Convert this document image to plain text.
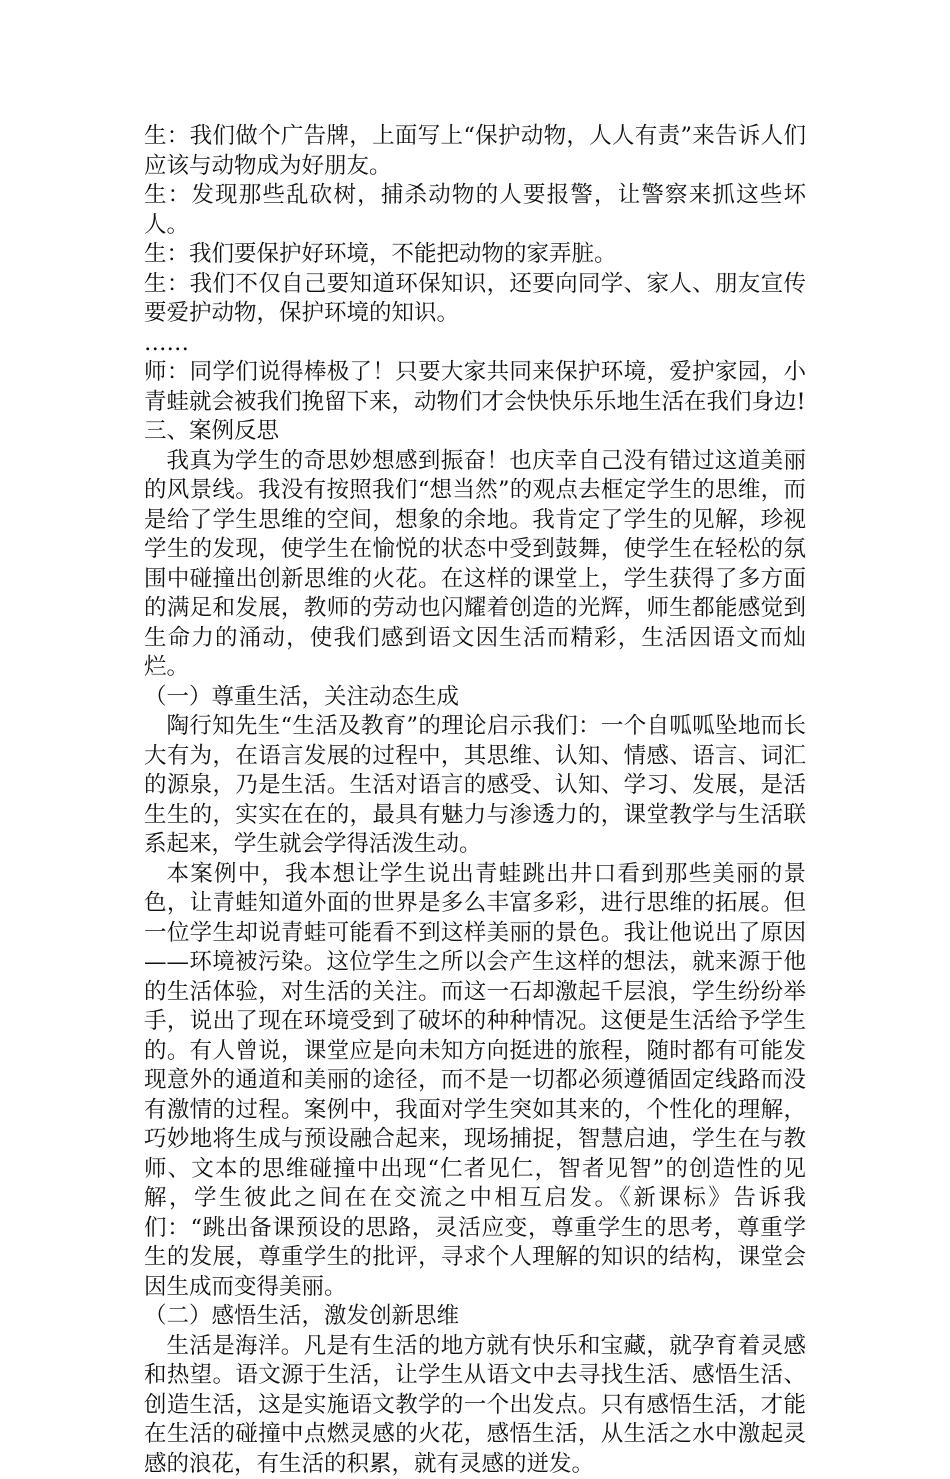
生：我们做个广告牌，上面写上“保护动物，人人有责”来告诉人们应该与动物成为好朋友。

生：发现那些乱砍树，捕杀动物的人要报警，让警察来抓这些坏人。

生：我们要保护好环境，不能把动物的家弄脏。

生：我们不仅自己要知道环保知识，还要向同学、家人、朋友宣传要爱护动物，保护环境的知识。

……

师：同学们说得棒极了！只要大家共同来保护环境，爱护家园，小青蛙就会被我们挽留下来，动物们才会快快乐乐地生活在我们身边!

三、案例反思

我真为学生的奇思妙想感到振奋！也庆幸自己没有错过这道美丽的风景线。我没有按照我们“想当然”的观点去框定学生的思维，而是给了学生思维的空间，想象的余地。我肯定了学生的见解，珍视学生的发现，使学生在愉悦的状态中受到鼓舞，使学生在轻松的氛围中碰撞出创新思维的火花。在这样的课堂上，学生获得了多方面的满足和发展，教师的劳动也闪耀着创造的光辉，师生都能感觉到生命力的涌动，使我们感到语文因生活而精彩，生活因语文而灿烂。

（一）尊重生活，关注动态生成

陶行知先生“生活及教育”的理论启示我们：一个自呱呱坠地而长大有为，在语言发展的过程中，其思维、认知、情感、语言、词汇的源泉，乃是生活。生活对语言的感受、认知、学习、发展，是活生生的，实实在在的，最具有魅力与渗透力的，课堂教学与生活联系起来，学生就会学得活泼生动。

本案例中，我本想让学生说出青蛙跳出井口看到那些美丽的景色，让青蛙知道外面的世界是多么丰富多彩，进行思维的拓展。但一位学生却说青蛙可能看不到这样美丽的景色。我让他说出了原因——环境被污染。这位学生之所以会产生这样的想法，就来源于他的生活体验，对生活的关注。而这一石却激起千层浪，学生纷纷举手，说出了现在环境受到了破坏的种种情况。这便是生活给予学生的。有人曾说，课堂应是向未知方向挺进的旅程，随时都有可能发现意外的通道和美丽的途径，而不是一切都必须遵循固定线路而没有激情的过程。案例中，我面对学生突如其来的，个性化的理解，巧妙地将生成与预设融合起来，现场捕捉，智慧启迪，学生在与教师、文本的思维碰撞中出现“仁者见仁，智者见智”的创造性的见解，学生彼此之间在在交流之中相互启发。《新课标》告诉我们：“跳出备课预设的思路，灵活应变，尊重学生的思考，尊重学生的发展，尊重学生的批评，寻求个人理解的知识的结构，课堂会因生成而变得美丽。

（二）感悟生活，激发创新思维

生活是海洋。凡是有生活的地方就有快乐和宝藏，就孕育着灵感和热望。语文源于生活，让学生从语文中去寻找生活、感悟生活、创造生活，这是实施语文教学的一个出发点。只有感悟生活，才能在生活的碰撞中点燃灵感的火花，感悟生活，从生活之水中激起灵感的浪花，有生活的积累，就有灵感的迸发。
